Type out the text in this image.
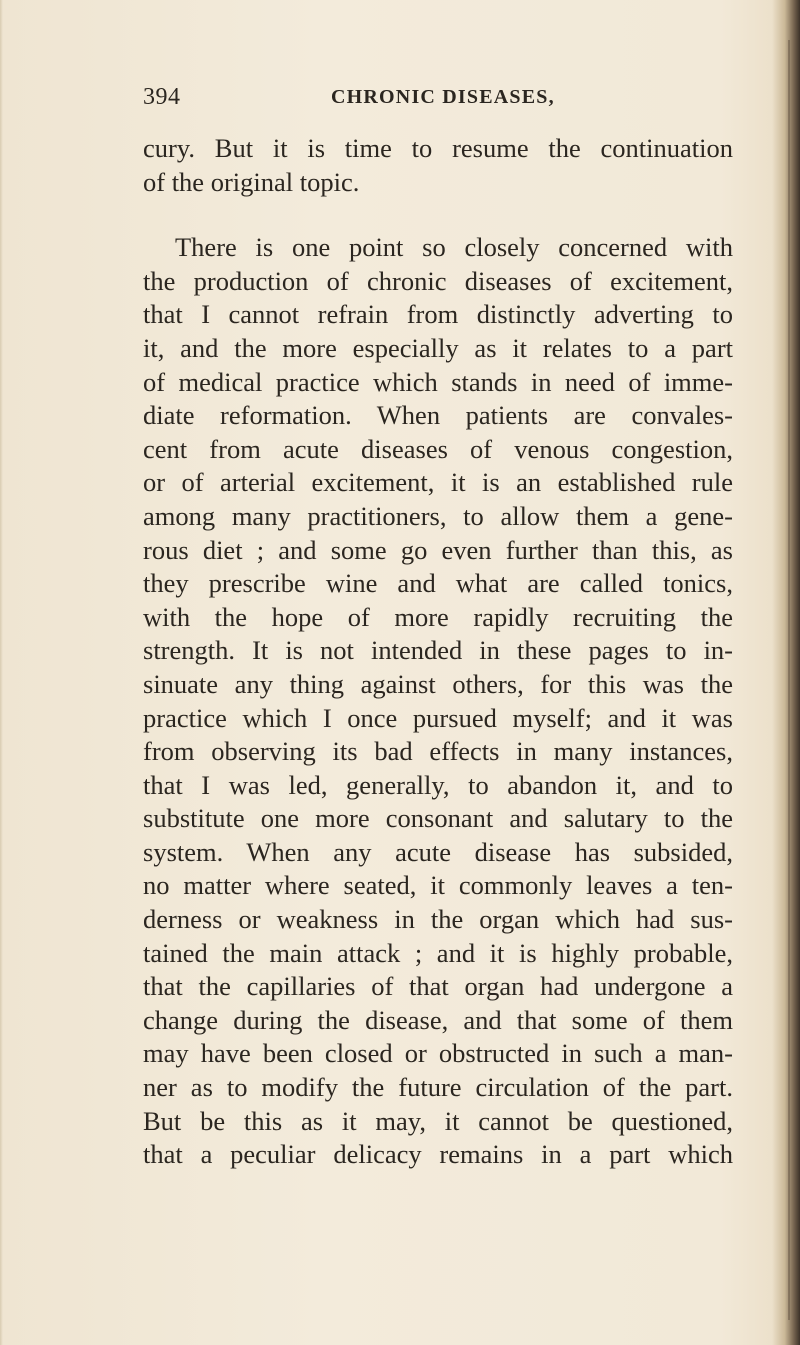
394	CHRONIC DISEASES,
cury. But it is time to resume the continuation
of the original topic.
There is one point so closely concerned with
the production of chronic diseases of excitement,
that I cannot refrain from distinctly adverting to
it, and the more especially as it relates to a part
of medical practice which stands in need of imme-
diate reformation. When patients are convales-
cent from acute diseases of venous congestion,
or of arterial excitement, it is an established rule
among many practitioners, to allow them a gene-
rous diet ; and some go even further than this, as
they prescribe wine and what are called tonics,
with the hope of more rapidly recruiting the
strength. It is not intended in these pages to in-
sinuate any thing against others, for this was the
practice which I once pursued myself; and it was
from observing its bad effects in many instances,
that I was led, generally, to abandon it, and to
substitute one more consonant and salutary to the
system. When any acute disease has subsided,
no matter where seated, it commonly leaves a ten-
derness or weakness in the organ which had sus-
tained the main attack ; and it is highly probable,
that the capillaries of that organ had undergone a
change during the disease, and that some of them
may have been closed or obstructed in such a man-
ner as to modify the future circulation of the part.
But be this as it may, it cannot be questioned,
that a peculiar delicacy remains in a part which
